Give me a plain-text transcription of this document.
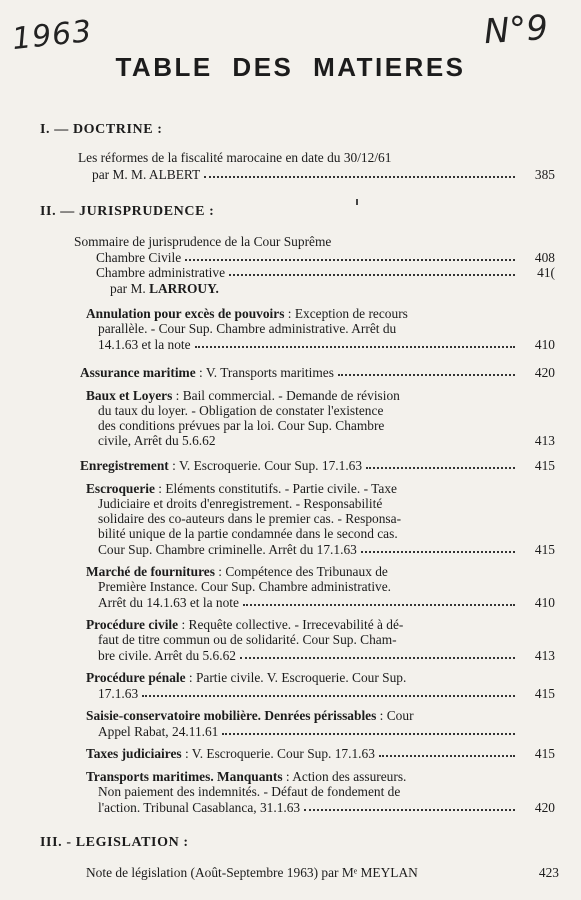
1963	N°9
TABLE DES MATIERES
I. — DOCTRINE :
Les réformes de la fiscalité marocaine en date du 30/12/61
par M. M. ALBERT	385
II. — JURISPRUDENCE :
Sommaire de jurisprudence de la Cour Suprême
Chambre Civile	408
Chambre administrative	41(
par M. LARROUY.
Annulation pour excès de pouvoirs : Exception de recours
parallèle. - Cour Sup. Chambre administrative. Arrêt du
14.1.63 et la note	410
Assurance maritime : V. Transports maritimes	420
Baux et Loyers : Bail commercial. - Demande de révision
du taux du loyer. - Obligation de constater l'existence
des conditions prévues par la loi. Cour Sup. Chambre
civile, Arrêt du 5.6.62	413
Enregistrement : V. Escroquerie. Cour Sup. 17.1.63	415
Escroquerie : Eléments constitutifs. - Partie civile. - Taxe
Judiciaire et droits d'enregistrement. - Responsabilité
solidaire des co-auteurs dans le premier cas. - Responsa-
bilité unique de la partie condamnée dans le second cas.
Cour Sup. Chambre criminelle. Arrêt du 17.1.63	415
Marché de fournitures : Compétence des Tribunaux de
Première Instance. Cour Sup. Chambre administrative.
Arrêt du 14.1.63 et la note	410
Procédure civile : Requête collective. - Irrecevabilité à dé-
faut de titre commun ou de solidarité. Cour Sup. Cham-
bre civile. Arrêt du 5.6.62	413
Procédure pénale : Partie civile. V. Escroquerie. Cour Sup.
17.1.63	415
Saisie-conservatoire mobilière. Denrées périssables : Cour
Appel Rabat, 24.11.61
Taxes judiciaires : V. Escroquerie. Cour Sup. 17.1.63	415
Transports maritimes. Manquants : Action des assureurs.
Non paiement des indemnités. - Défaut de fondement de
l'action. Tribunal Casablanca, 31.1.63	420
III. - LEGISLATION :
Note de législation (Août-Septembre 1963) par Mᵉ MEYLAN	423
